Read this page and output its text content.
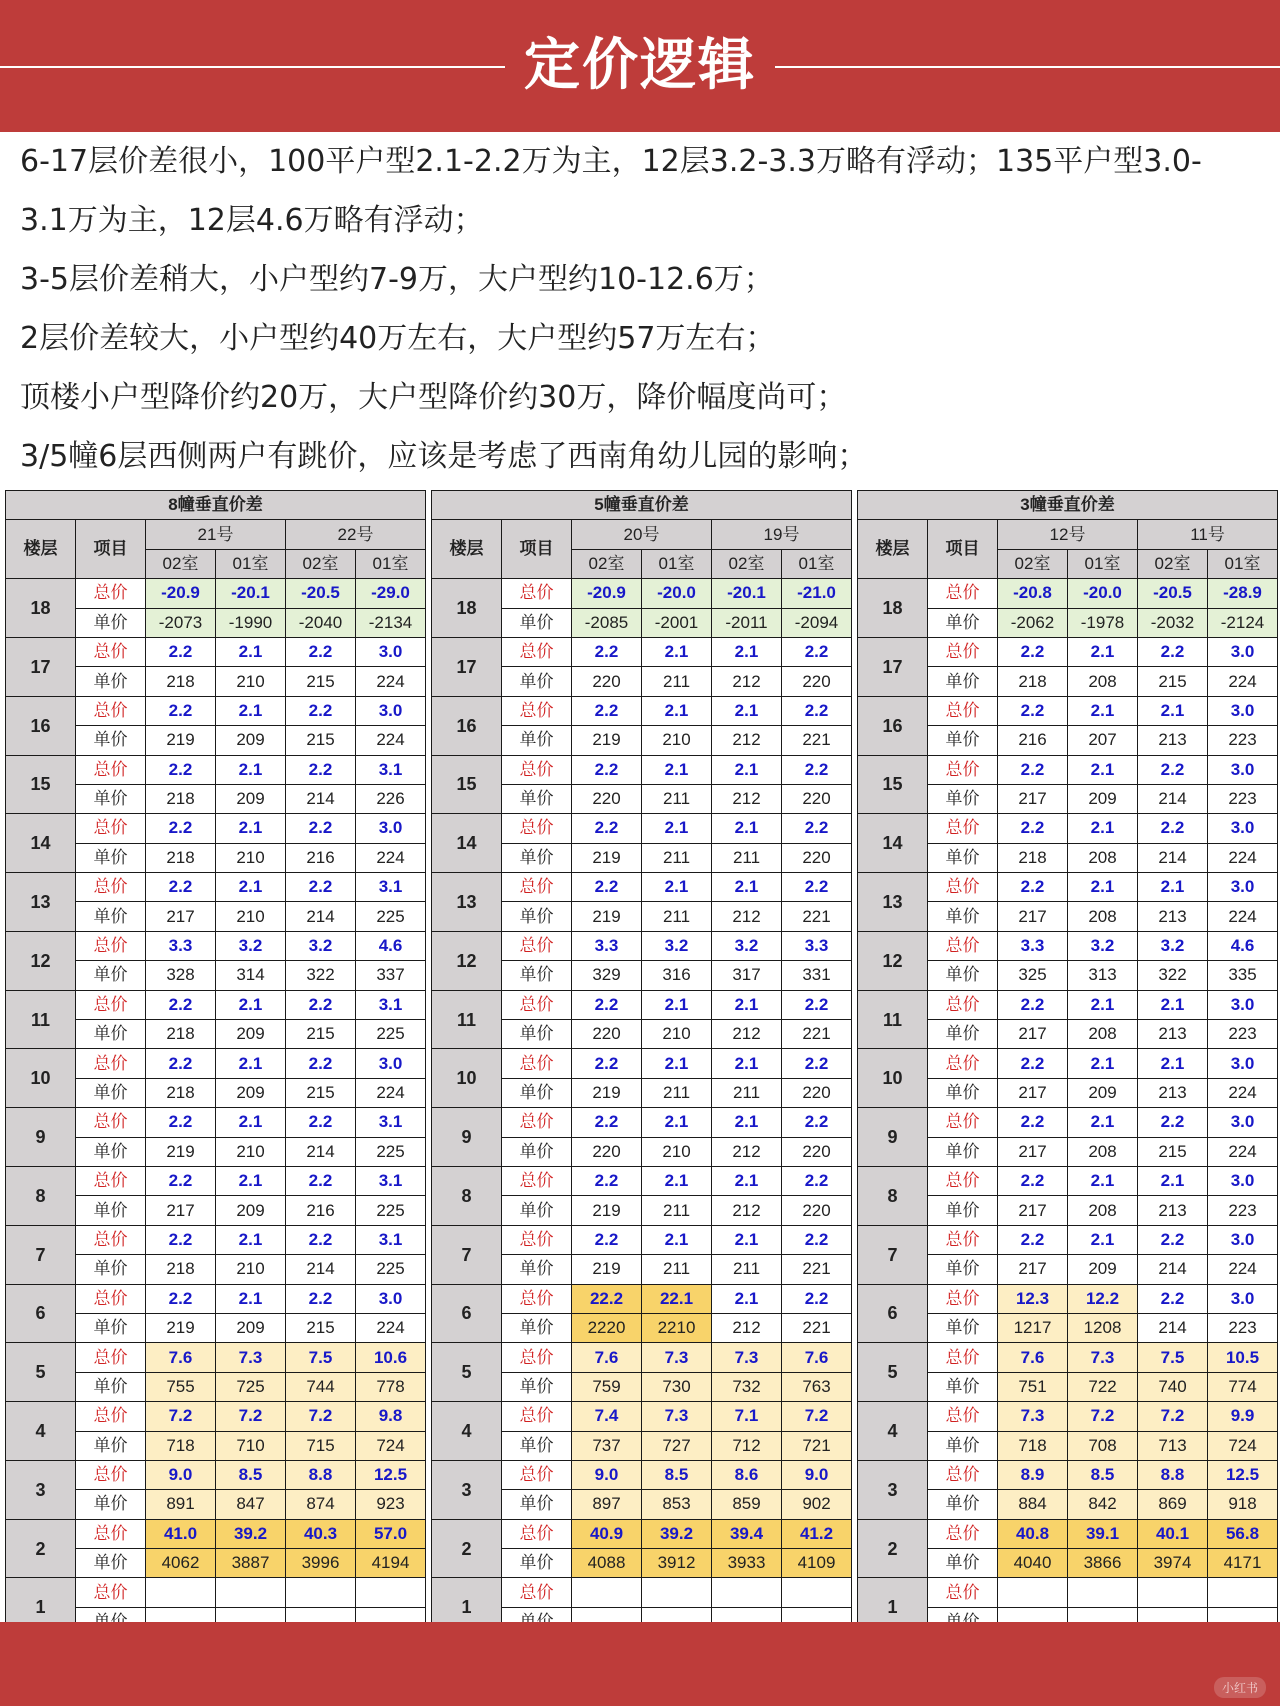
定价逻辑

6-17层价差很小，100平户型2.1-2.2万为主，12层3.2-3.3万略有浮动；135平户型3.0-

3.1万为主，12层4.6万略有浮动；

3-5层价差稍大，小户型约7-9万，大户型约10-12.6万；

2层价差较大，小户型约40万左右，大户型约57万左右；

顶楼小户型降价约20万，大户型降价约30万，降价幅度尚可；

3/5幢6层西侧两户有跳价，应该是考虑了西南角幼儿园的影响；

8幢垂直价差					
楼层	项目	21号		22号	
		02室	01室	02室	01室
18	总价	-20.9	-20.1	-20.5	-29.0
	单价	-2073	-1990	-2040	-2134
17	总价	2.2	2.1	2.2	3.0
	单价	218	210	215	224
16	总价	2.2	2.1	2.2	3.0
	单价	219	209	215	224
15	总价	2.2	2.1	2.2	3.1
	单价	218	209	214	226
14	总价	2.2	2.1	2.2	3.0
	单价	218	210	216	224
13	总价	2.2	2.1	2.2	3.1
	单价	217	210	214	225
12	总价	3.3	3.2	3.2	4.6
	单价	328	314	322	337
11	总价	2.2	2.1	2.2	3.1
	单价	218	209	215	225
10	总价	2.2	2.1	2.2	3.0
	单价	218	209	215	224
9	总价	2.2	2.1	2.2	3.1
	单价	219	210	214	225
8	总价	2.2	2.1	2.2	3.1
	单价	217	209	216	225
7	总价	2.2	2.1	2.2	3.1
	单价	218	210	214	225
6	总价	2.2	2.1	2.2	3.0
	单价	219	209	215	224
5	总价	7.6	7.3	7.5	10.6
	单价	755	725	744	778
4	总价	7.2	7.2	7.2	9.8
	单价	718	710	715	724
3	总价	9.0	8.5	8.8	12.5
	单价	891	847	874	923
2	总价	41.0	39.2	40.3	57.0
	单价	4062	3887	3996	4194
1	总价				

5幢垂直价差					
楼层	项目	20号		19号	
		02室	01室	02室	01室
18	总价	-20.9	-20.0	-20.1	-21.0
	单价	-2085	-2001	-2011	-2094
17	总价	2.2	2.1	2.1	2.2
	单价	220	211	212	220
16	总价	2.2	2.1	2.1	2.2
	单价	219	210	212	221
15	总价	2.2	2.1	2.1	2.2
	单价	220	211	212	220
14	总价	2.2	2.1	2.1	2.2
	单价	219	211	211	220
13	总价	2.2	2.1	2.1	2.2
	单价	219	211	212	221
12	总价	3.3	3.2	3.2	3.3
	单价	329	316	317	331
11	总价	2.2	2.1	2.1	2.2
	单价	220	210	212	221
10	总价	2.2	2.1	2.1	2.2
	单价	219	211	211	220
9	总价	2.2	2.1	2.1	2.2
	单价	220	210	212	220
8	总价	2.2	2.1	2.1	2.2
	单价	219	211	212	220
7	总价	2.2	2.1	2.1	2.2
	单价	219	211	211	221
6	总价	22.2	22.1	2.1	2.2
	单价	2220	2210	212	221
5	总价	7.6	7.3	7.3	7.6
	单价	759	730	732	763
4	总价	7.4	7.3	7.1	7.2
	单价	737	727	712	721
3	总价	9.0	8.5	8.6	9.0
	单价	897	853	859	902
2	总价	40.9	39.2	39.4	41.2
	单价	4088	3912	3933	4109
1	总价				

3幢垂直价差					
楼层	项目	12号		11号	
		02室	01室	02室	01室
18	总价	-20.8	-20.0	-20.5	-28.9
	单价	-2062	-1978	-2032	-2124
17	总价	2.2	2.1	2.2	3.0
	单价	218	208	215	224
16	总价	2.2	2.1	2.1	3.0
	单价	216	207	213	223
15	总价	2.2	2.1	2.2	3.0
	单价	217	209	214	223
14	总价	2.2	2.1	2.2	3.0
	单价	218	208	214	224
13	总价	2.2	2.1	2.1	3.0
	单价	217	208	213	224
12	总价	3.3	3.2	3.2	4.6
	单价	325	313	322	335
11	总价	2.2	2.1	2.1	3.0
	单价	217	208	213	223
10	总价	2.2	2.1	2.1	3.0
	单价	217	209	213	224
9	总价	2.2	2.1	2.2	3.0
	单价	217	208	215	224
8	总价	2.2	2.1	2.1	3.0
	单价	217	208	213	223
7	总价	2.2	2.1	2.2	3.0
	单价	217	209	214	224
6	总价	12.3	12.2	2.2	3.0
	单价	1217	1208	214	223
5	总价	7.6	7.3	7.5	10.5
	单价	751	722	740	774
4	总价	7.3	7.2	7.2	9.9
	单价	718	708	713	724
3	总价	8.9	8.5	8.8	12.5
	单价	884	842	869	918
2	总价	40.8	39.1	40.1	56.8
	单价	4040	3866	3974	4171
1	总价				

小红书
